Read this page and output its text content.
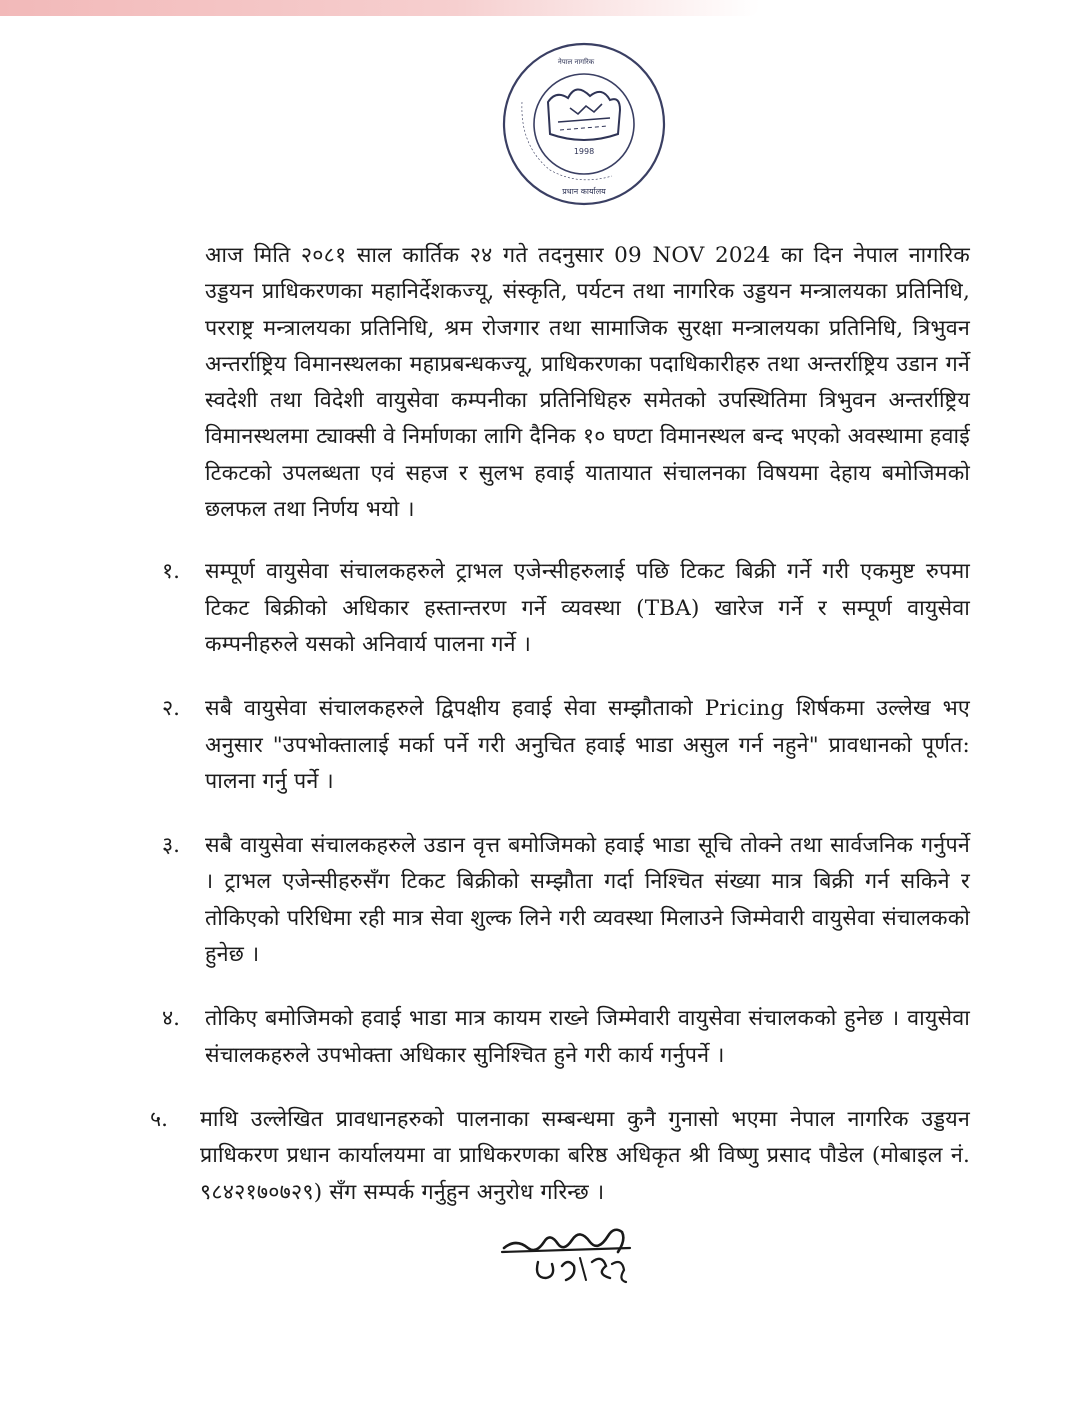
1998
प्रधान कार्यालय
नेपाल नागरिक

आज मिति २०८१ साल कार्तिक २४ गते तदनुसार 09 NOV 2024 का दिन नेपाल नागरिक उड्डयन प्राधिकरणका महानिर्देशकज्यू, संस्कृति, पर्यटन तथा नागरिक उड्डयन मन्त्रालयका प्रतिनिधि, परराष्ट्र मन्त्रालयका प्रतिनिधि, श्रम रोजगार तथा सामाजिक सुरक्षा मन्त्रालयका प्रतिनिधि, त्रिभुवन अन्तर्राष्ट्रिय विमानस्थलका महाप्रबन्धकज्यू, प्राधिकरणका पदाधिकारीहरु तथा अन्तर्राष्ट्रिय उडान गर्ने स्वदेशी तथा विदेशी वायुसेवा कम्पनीका प्रतिनिधिहरु समेतको उपस्थितिमा त्रिभुवन अन्तर्राष्ट्रिय विमानस्थलमा ट्याक्सी वे निर्माणका लागि दैनिक १० घण्टा विमानस्थल बन्द भएको अवस्थामा हवाई टिकटको उपलब्धता एवं सहज र सुलभ हवाई यातायात संचालनका विषयमा देहाय बमोजिमको छलफल तथा निर्णय भयो ।

१.	सम्पूर्ण वायुसेवा संचालकहरुले ट्राभल एजेन्सीहरुलाई पछि टिकट बिक्री गर्ने गरी एकमुष्ट रुपमा टिकट बिक्रीको अधिकार हस्तान्तरण गर्ने व्यवस्था (TBA) खारेज गर्ने र सम्पूर्ण वायुसेवा कम्पनीहरुले यसको अनिवार्य पालना गर्ने ।
२.	सबै वायुसेवा संचालकहरुले द्विपक्षीय हवाई सेवा सम्झौताको Pricing शिर्षकमा उल्लेख भए अनुसार "उपभोक्तालाई मर्का पर्ने गरी अनुचित हवाई भाडा असुल गर्न नहुने" प्रावधानको पूर्णत: पालना गर्नु पर्ने ।
३.	सबै वायुसेवा संचालकहरुले उडान वृत्त बमोजिमको हवाई भाडा सूचि तोक्ने तथा सार्वजनिक गर्नुपर्ने । ट्राभल एजेन्सीहरुसँग टिकट बिक्रीको सम्झौता गर्दा निश्चित संख्या मात्र बिक्री गर्न सकिने र तोकिएको परिधिमा रही मात्र सेवा शुल्क लिने गरी व्यवस्था मिलाउने जिम्मेवारी वायुसेवा संचालकको हुनेछ ।
४.	तोकिए बमोजिमको हवाई भाडा मात्र कायम राख्ने जिम्मेवारी वायुसेवा संचालकको हुनेछ । वायुसेवा संचालकहरुले उपभोक्ता अधिकार सुनिश्चित हुने गरी कार्य गर्नुपर्ने ।
५.	माथि उल्लेखित प्रावधानहरुको पालनाका सम्बन्धमा कुनै गुनासो भएमा नेपाल नागरिक उड्डयन प्राधिकरण प्रधान कार्यालयमा वा प्राधिकरणका बरिष्ठ अधिकृत श्री विष्णु प्रसाद पौडेल (मोबाइल नं. ९८४२१७०७२९) सँग सम्पर्क गर्नुहुन अनुरोध गरिन्छ ।
